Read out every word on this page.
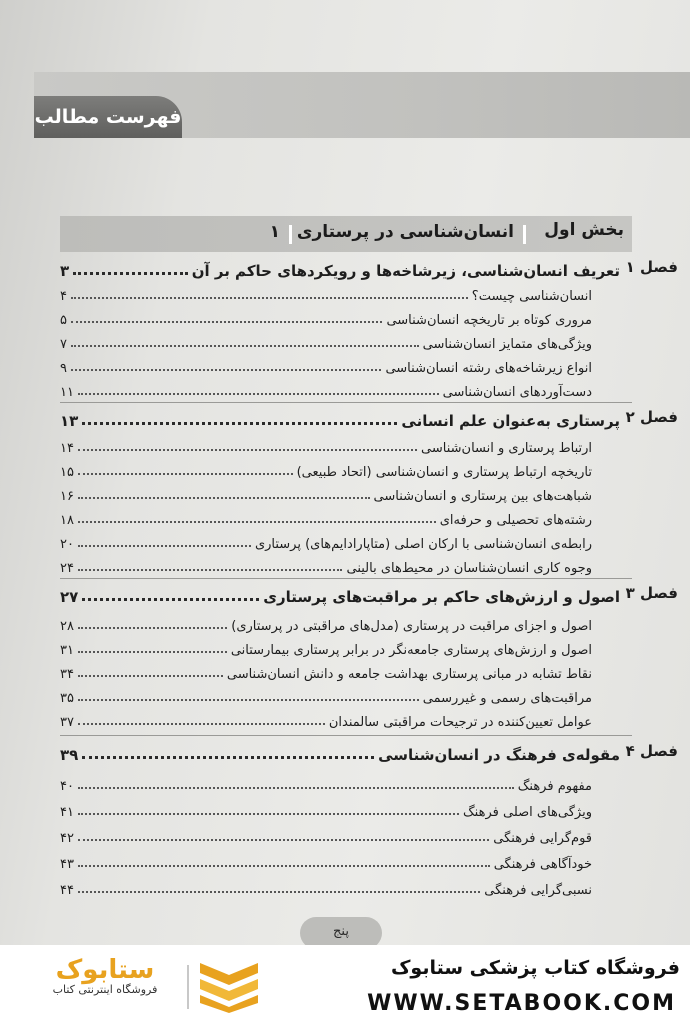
فهرست مطالب
بخش اول
انسان‌شناسی در پرستاری
۱
فصل ۱
تعریف انسان‌شناسی، زیرشاخه‌ها و رویکردهای حاکم بر آن
۳
انسان‌شناسی چیست؟
۴
مروری کوتاه بر تاریخچه انسان‌شناسی
۵
ویژگی‌های متمایز انسان‌شناسی
۷
انواع زیرشاخه‌های رشته انسان‌شناسی
۹
دست‌آوردهای انسان‌شناسی
۱۱
فصل ۲
پرستاری به‌عنوان علم انسانی
۱۳
ارتباط پرستاری و انسان‌شناسی
۱۴
تاریخچه ارتباط پرستاری و انسان‌شناسی (اتحاد طبیعی)
۱۵
شباهت‌های بین پرستاری و انسان‌شناسی
۱۶
رشته‌های تحصیلی و حرفه‌ای
۱۸
رابطه‌ی انسان‌شناسی با ارکان اصلی (متاپارادایم‌های) پرستاری
۲۰
وجوه کاری انسان‌شناسان در محیط‌های بالینی
۲۴
فصل ۳
اصول و ارزش‌های حاکم بر مراقبت‌های پرستاری
۲۷
اصول و اجزای مراقبت در پرستاری (مدل‌های مراقبتی در پرستاری)
۲۸
اصول و ارزش‌های پرستاری جامعه‌نگر در برابر پرستاری بیمارستانی
۳۱
نقاط تشابه در مبانی پرستاری بهداشت جامعه و دانش انسان‌شناسی
۳۴
مراقبت‌های رسمی و غیررسمی
۳۵
عوامل تعیین‌کننده در ترجیحات مراقبتی سالمندان
۳۷
فصل ۴
مقوله‌ی فرهنگ در انسان‌شناسی
۳۹
مفهوم فرهنگ
۴۰
ویژگی‌های اصلی فرهنگ
۴۱
قوم‌گرایی فرهنگی
۴۲
خودآگاهی فرهنگی
۴۳
نسبی‌گرایی فرهنگی
۴۴
پنج
ستابوک
فروشگاه اینترنتی کتاب
فروشگاه کتاب پزشکی ستابوک
WWW.SETABOOK.COM
